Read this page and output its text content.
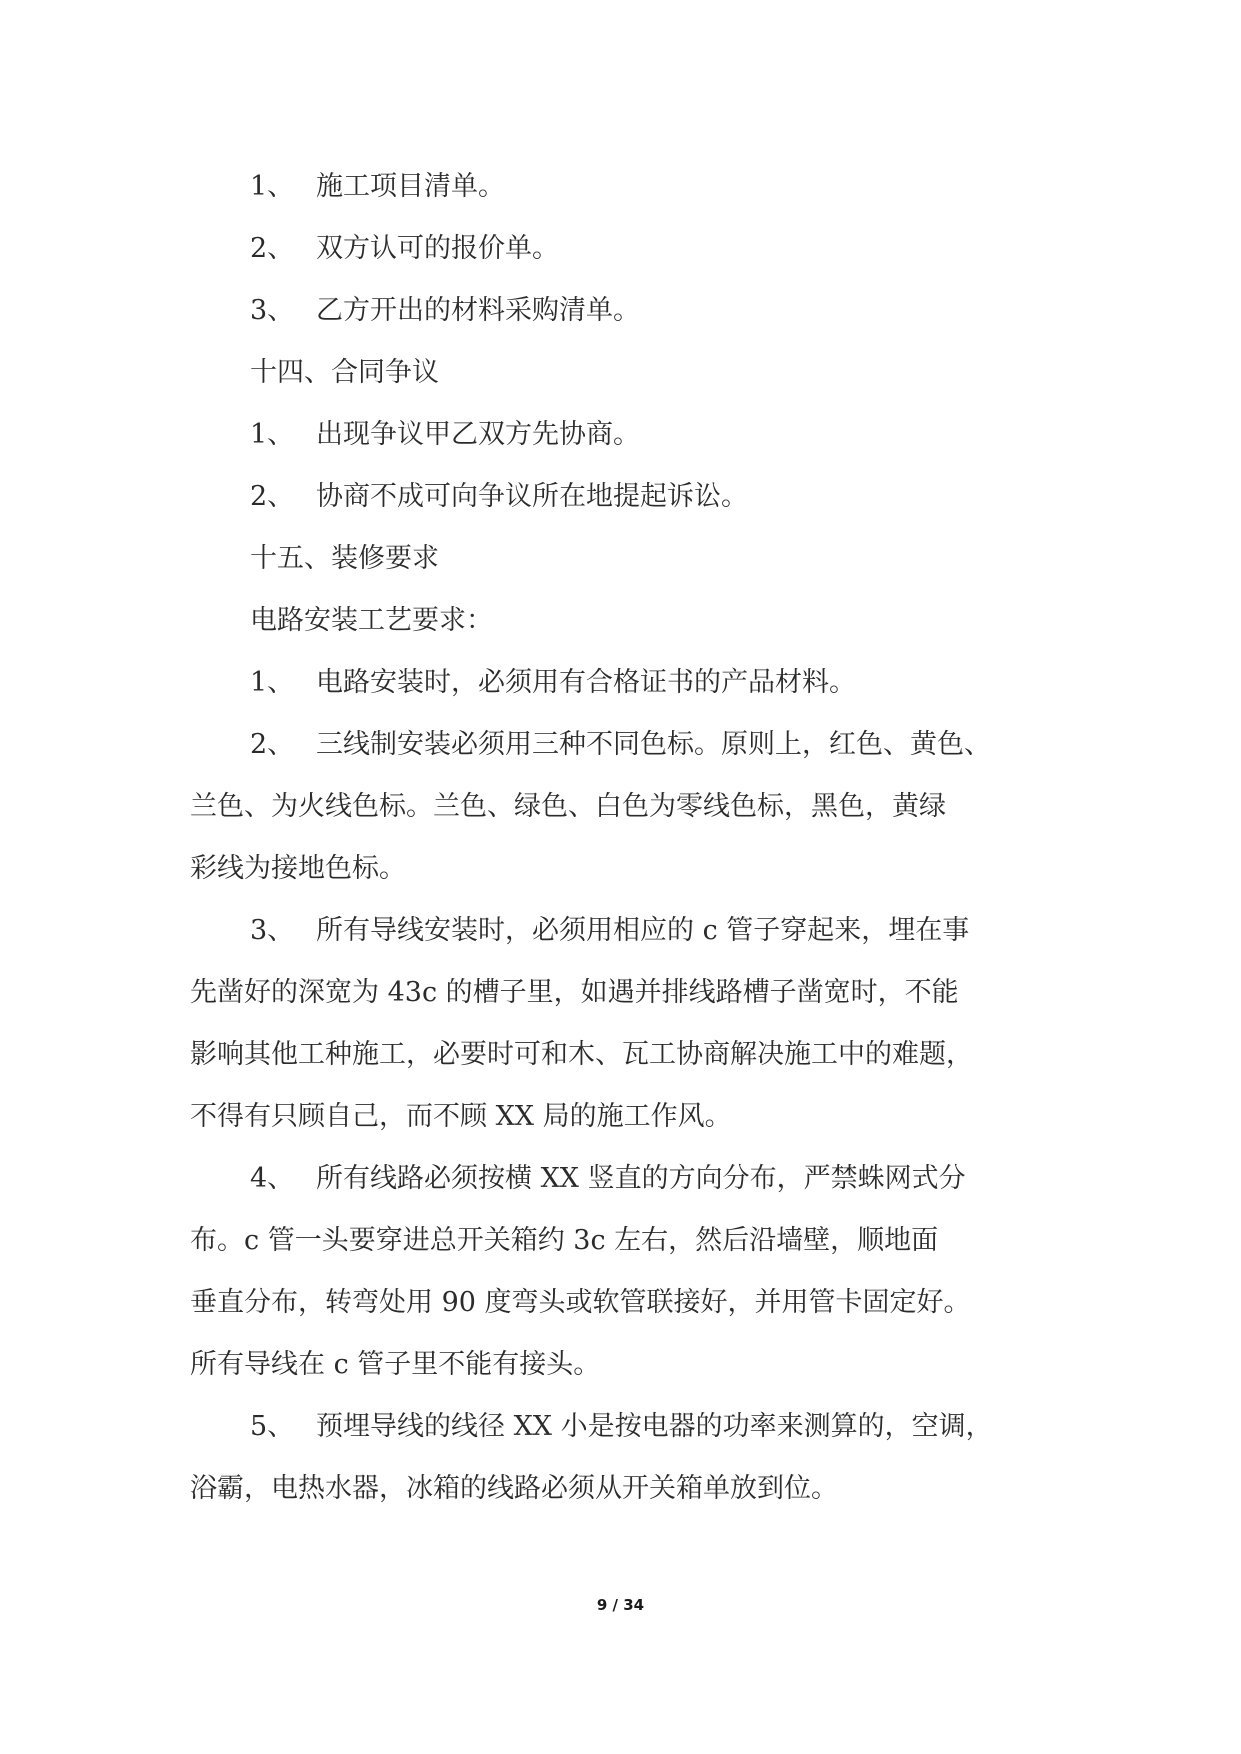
1、 施工项目清单。

2、 双方认可的报价单。

3、 乙方开出的材料采购清单。

十四、合同争议

1、 出现争议甲乙双方先协商。

2、 协商不成可向争议所在地提起诉讼。

十五、装修要求

电路安装工艺要求：

1、 电路安装时，必须用有合格证书的产品材料。

2、 三线制安装必须用三种不同色标。原则上，红色、黄色、

兰色、为火线色标。兰色、绿色、白色为零线色标，黑色，黄绿

彩线为接地色标。

3、 所有导线安装时，必须用相应的 c 管子穿起来，埋在事

先凿好的深宽为 43c 的槽子里，如遇并排线路槽子凿宽时，不能

影响其他工种施工，必要时可和木、瓦工协商解决施工中的难题，

不得有只顾自己，而不顾 XX 局的施工作风。

4、 所有线路必须按横 XX 竖直的方向分布，严禁蛛网式分

布。c 管一头要穿进总开关箱约 3c 左右，然后沿墙壁，顺地面

垂直分布，转弯处用 90 度弯头或软管联接好，并用管卡固定好。

所有导线在 c 管子里不能有接头。

5、 预埋导线的线径 XX 小是按电器的功率来测算的，空调，

浴霸，电热水器，冰箱的线路必须从开关箱单放到位。

9 / 34
